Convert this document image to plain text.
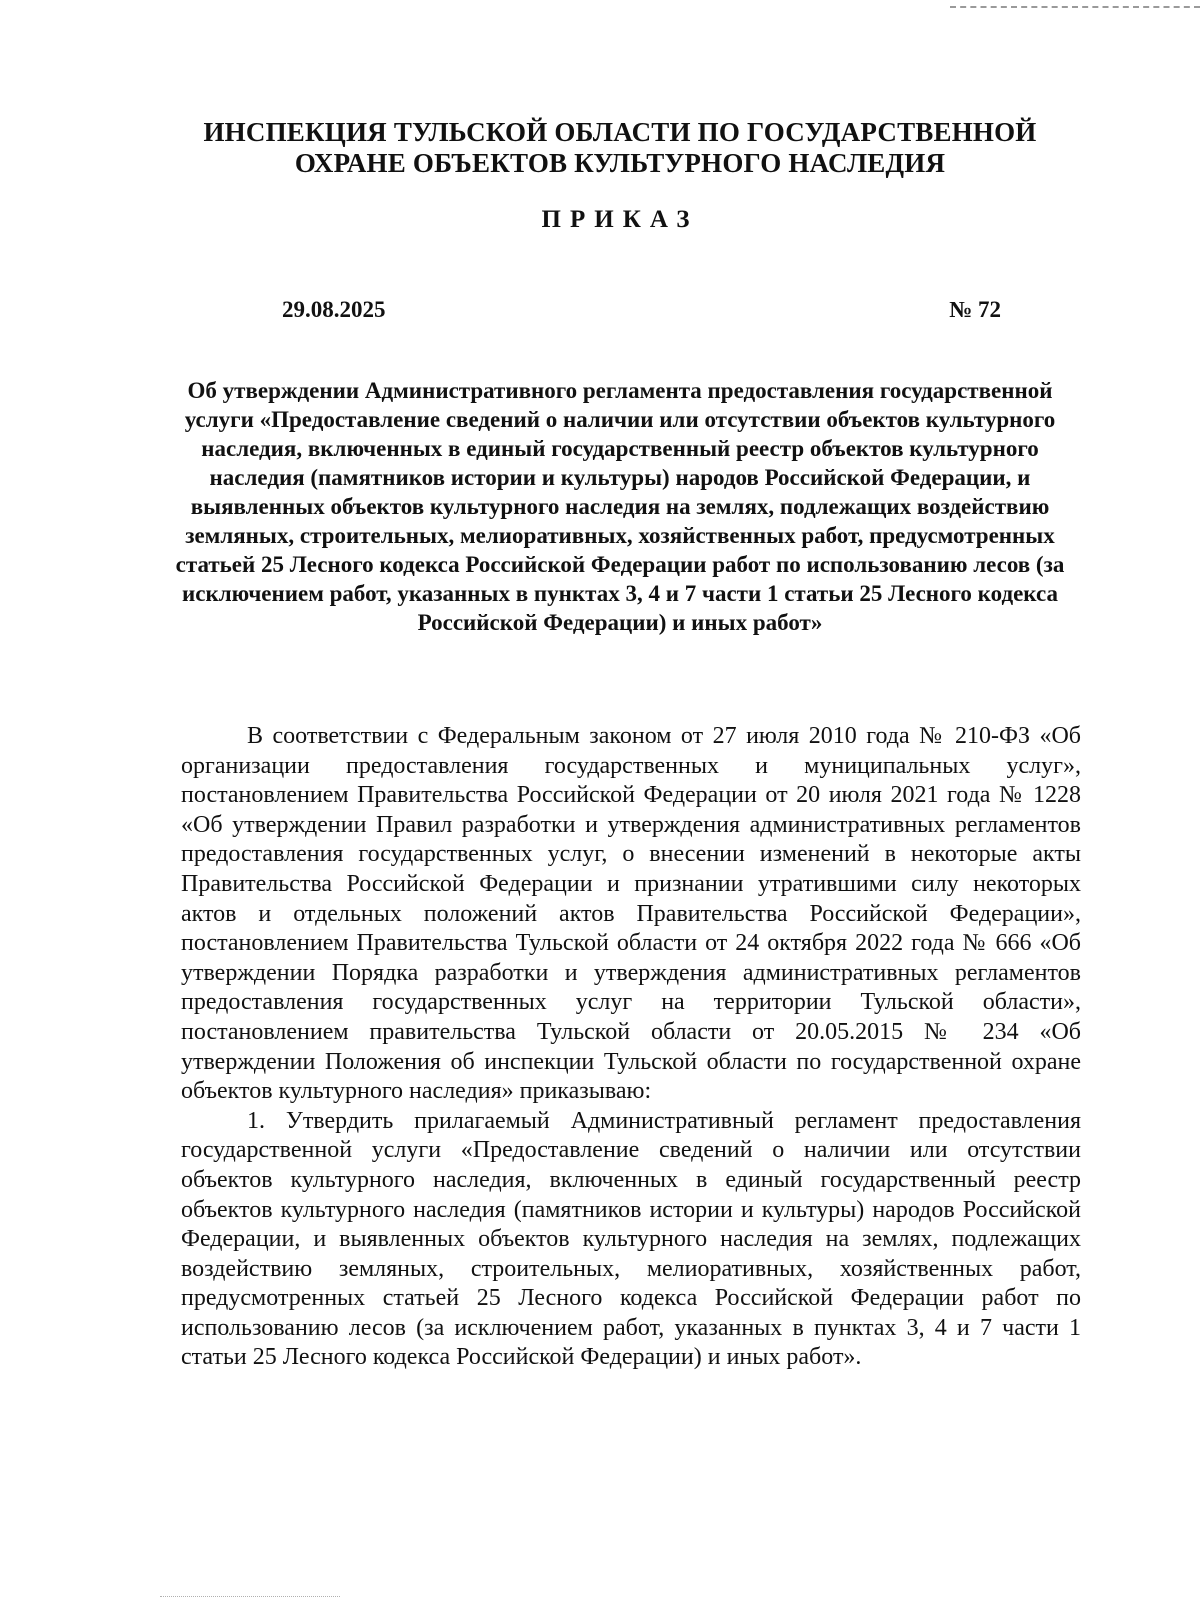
ИНСПЕКЦИЯ ТУЛЬСКОЙ ОБЛАСТИ ПО ГОСУДАРСТВЕННОЙ
ОХРАНЕ ОБЪЕКТОВ КУЛЬТУРНОГО НАСЛЕДИЯ
ПРИКАЗ
29.08.2025	№ 72
Об утверждении Административного регламента предоставления государственной услуги «Предоставление сведений о наличии или отсутствии объектов культурного наследия, включенных в единый государственный реестр объектов культурного наследия (памятников истории и культуры) народов Российской Федерации, и выявленных объектов культурного наследия на землях, подлежащих воздействию земляных, строительных, мелиоративных, хозяйственных работ, предусмотренных статьей 25 Лесного кодекса Российской Федерации работ по использованию лесов (за исключением работ, указанных в пунктах 3, 4 и 7 части 1 статьи 25 Лесного кодекса Российской Федерации) и иных работ»

В соответствии с Федеральным законом от 27 июля 2010 года № 210-ФЗ «Об организации предоставления государственных и муниципальных услуг», постановлением Правительства Российской Федерации от 20 июля 2021 года № 1228 «Об утверждении Правил разработки и утверждения административных регламентов предоставления государственных услуг, о внесении изменений в некоторые акты Правительства Российской Федерации и признании утратившими силу некоторых актов и отдельных положений актов Правительства Российской Федерации», постановлением Правительства Тульской области от 24 октября 2022 года № 666 «Об утверждении Порядка разработки и утверждения административных регламентов предоставления государственных услуг на территории Тульской области», постановлением правительства Тульской области от 20.05.2015 № 234 «Об утверждении Положения об инспекции Тульской области по государственной охране объектов культурного наследия» приказываю:

1. Утвердить прилагаемый Административный регламент предоставления государственной услуги «Предоставление сведений о наличии или отсутствии объектов культурного наследия, включенных в единый государственный реестр объектов культурного наследия (памятников истории и культуры) народов Российской Федерации, и выявленных объектов культурного наследия на землях, подлежащих воздействию земляных, строительных, мелиоративных, хозяйственных работ, предусмотренных статьей 25 Лесного кодекса Российской Федерации работ по использованию лесов (за исключением работ, указанных в пунктах 3, 4 и 7 части 1 статьи 25 Лесного кодекса Российской Федерации) и иных работ».
